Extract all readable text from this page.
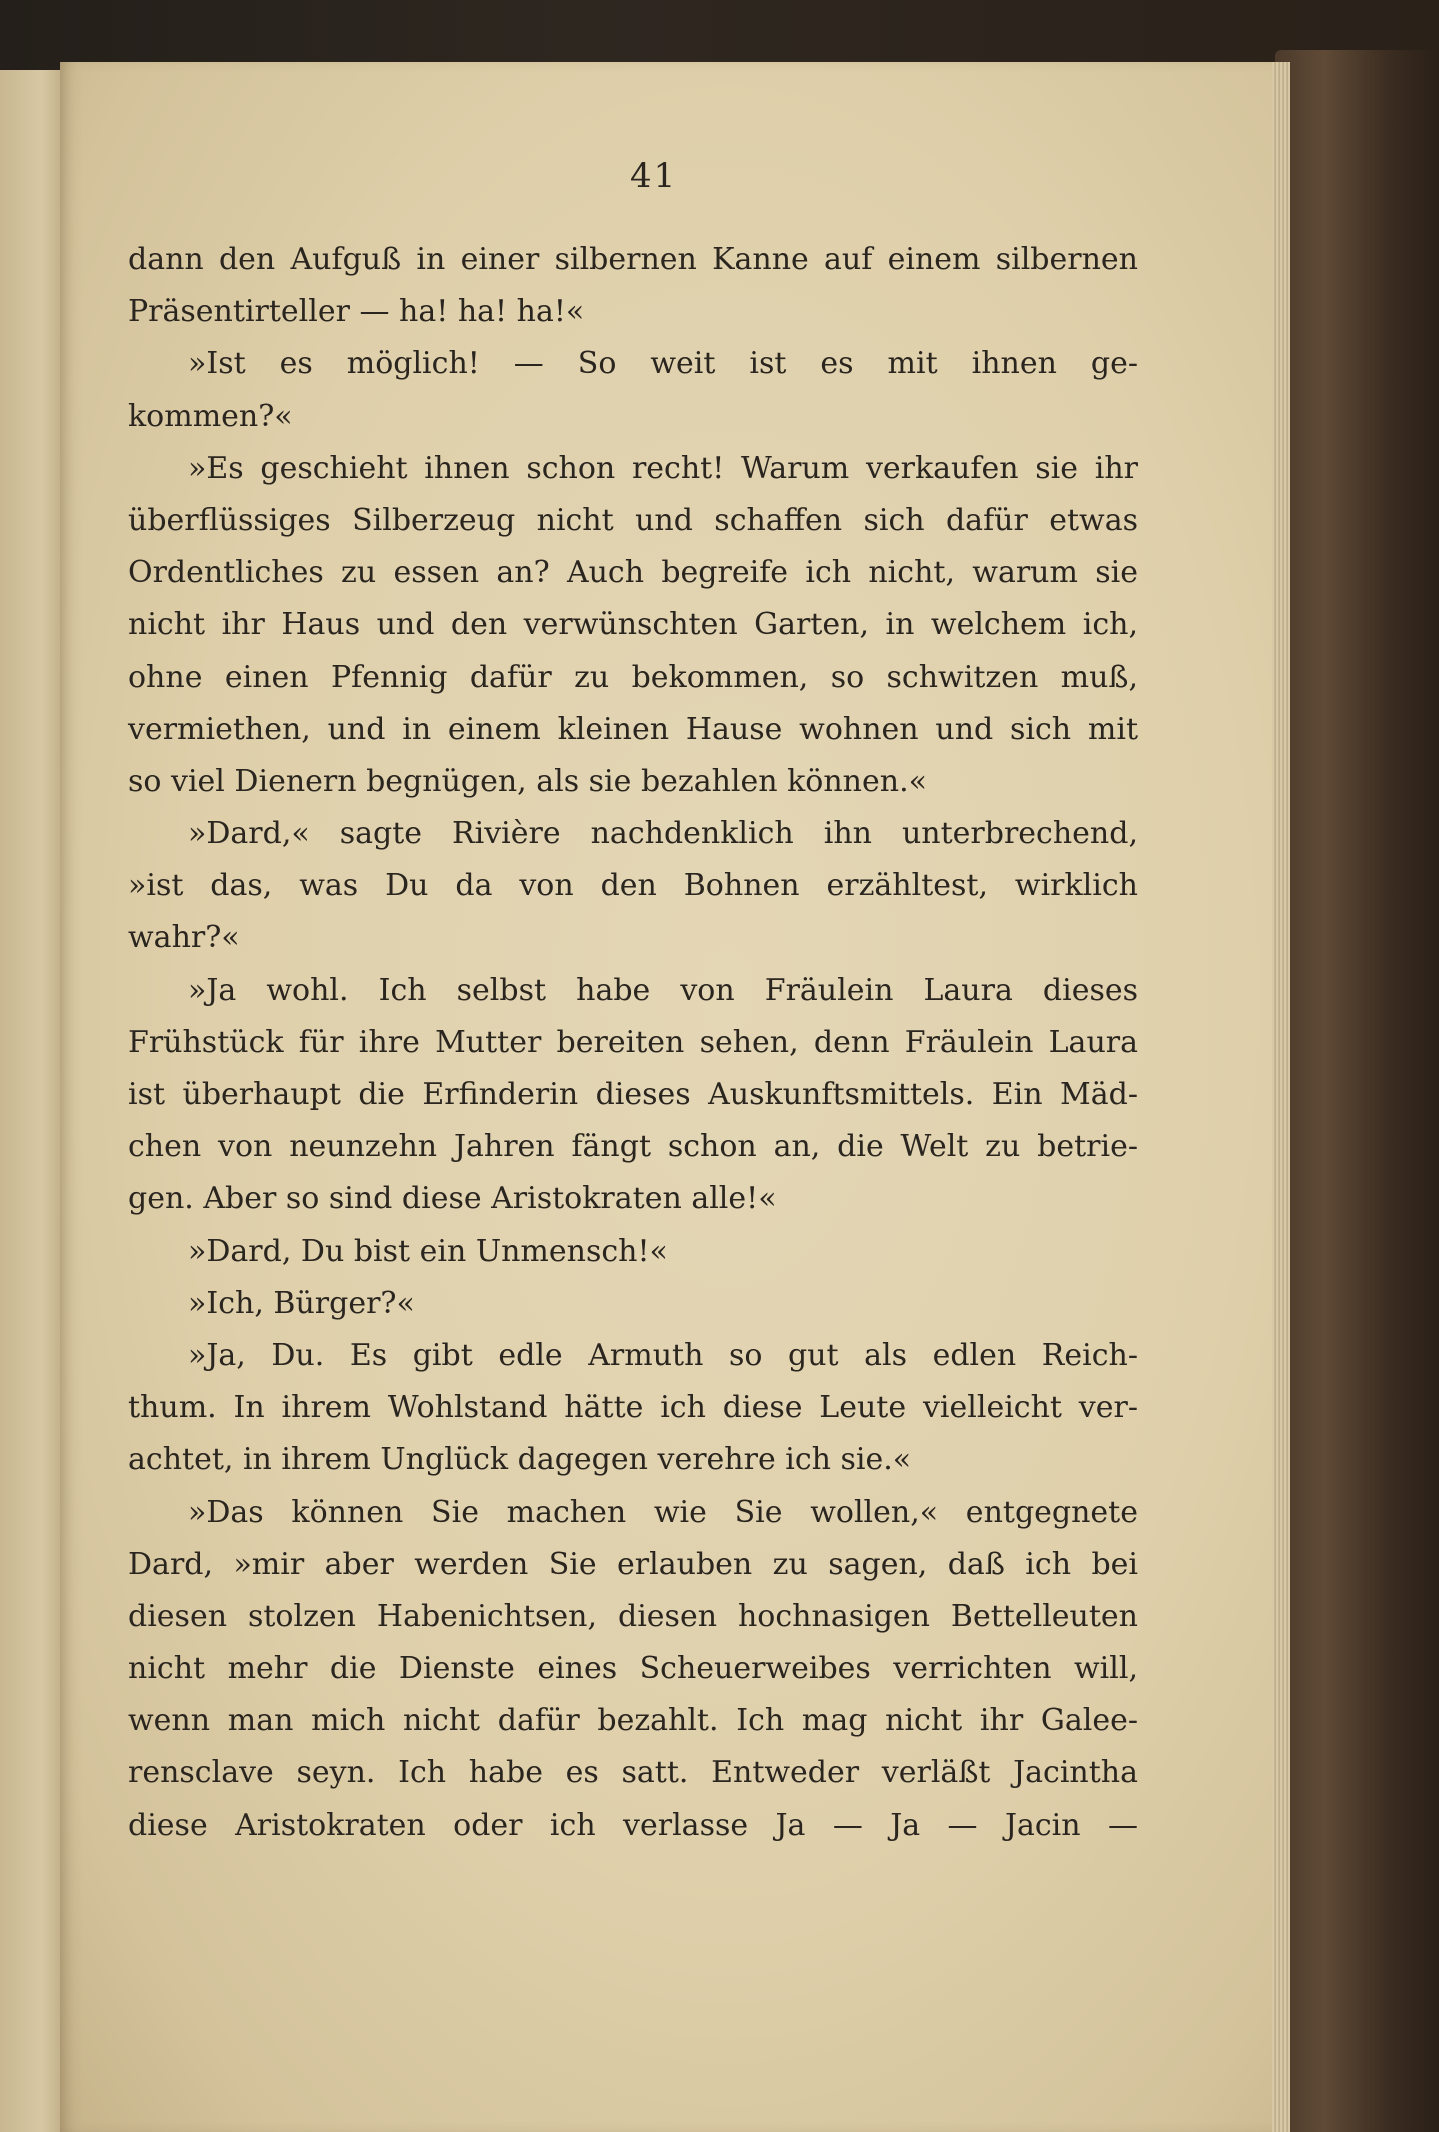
41
dann den Aufguß in einer silbernen Kanne auf einem silbernen
Präsentirteller — ha! ha! ha!«
»Ist es möglich! — So weit ist es mit ihnen ge-
kommen?«
»Es geschieht ihnen schon recht! Warum verkaufen sie ihr
überflüssiges Silberzeug nicht und schaffen sich dafür etwas
Ordentliches zu essen an? Auch begreife ich nicht, warum sie
nicht ihr Haus und den verwünschten Garten, in welchem ich,
ohne einen Pfennig dafür zu bekommen, so schwitzen muß,
vermiethen, und in einem kleinen Hause wohnen und sich mit
so viel Dienern begnügen, als sie bezahlen können.«
»Dard,« sagte Rivière nachdenklich ihn unterbrechend,
»ist das, was Du da von den Bohnen erzähltest, wirklich
wahr?«
»Ja wohl. Ich selbst habe von Fräulein Laura dieses
Frühstück für ihre Mutter bereiten sehen, denn Fräulein Laura
ist überhaupt die Erfinderin dieses Auskunftsmittels. Ein Mäd-
chen von neunzehn Jahren fängt schon an, die Welt zu betrie-
gen. Aber so sind diese Aristokraten alle!«
»Dard, Du bist ein Unmensch!«
»Ich, Bürger?«
»Ja, Du. Es gibt edle Armuth so gut als edlen Reich-
thum. In ihrem Wohlstand hätte ich diese Leute vielleicht ver-
achtet, in ihrem Unglück dagegen verehre ich sie.«
»Das können Sie machen wie Sie wollen,« entgegnete
Dard, »mir aber werden Sie erlauben zu sagen, daß ich bei
diesen stolzen Habenichtsen, diesen hochnasigen Bettelleuten
nicht mehr die Dienste eines Scheuerweibes verrichten will,
wenn man mich nicht dafür bezahlt. Ich mag nicht ihr Galee-
rensclave seyn. Ich habe es satt. Entweder verläßt Jacintha
diese Aristokraten oder ich verlasse Ja — Ja — Jacin —
